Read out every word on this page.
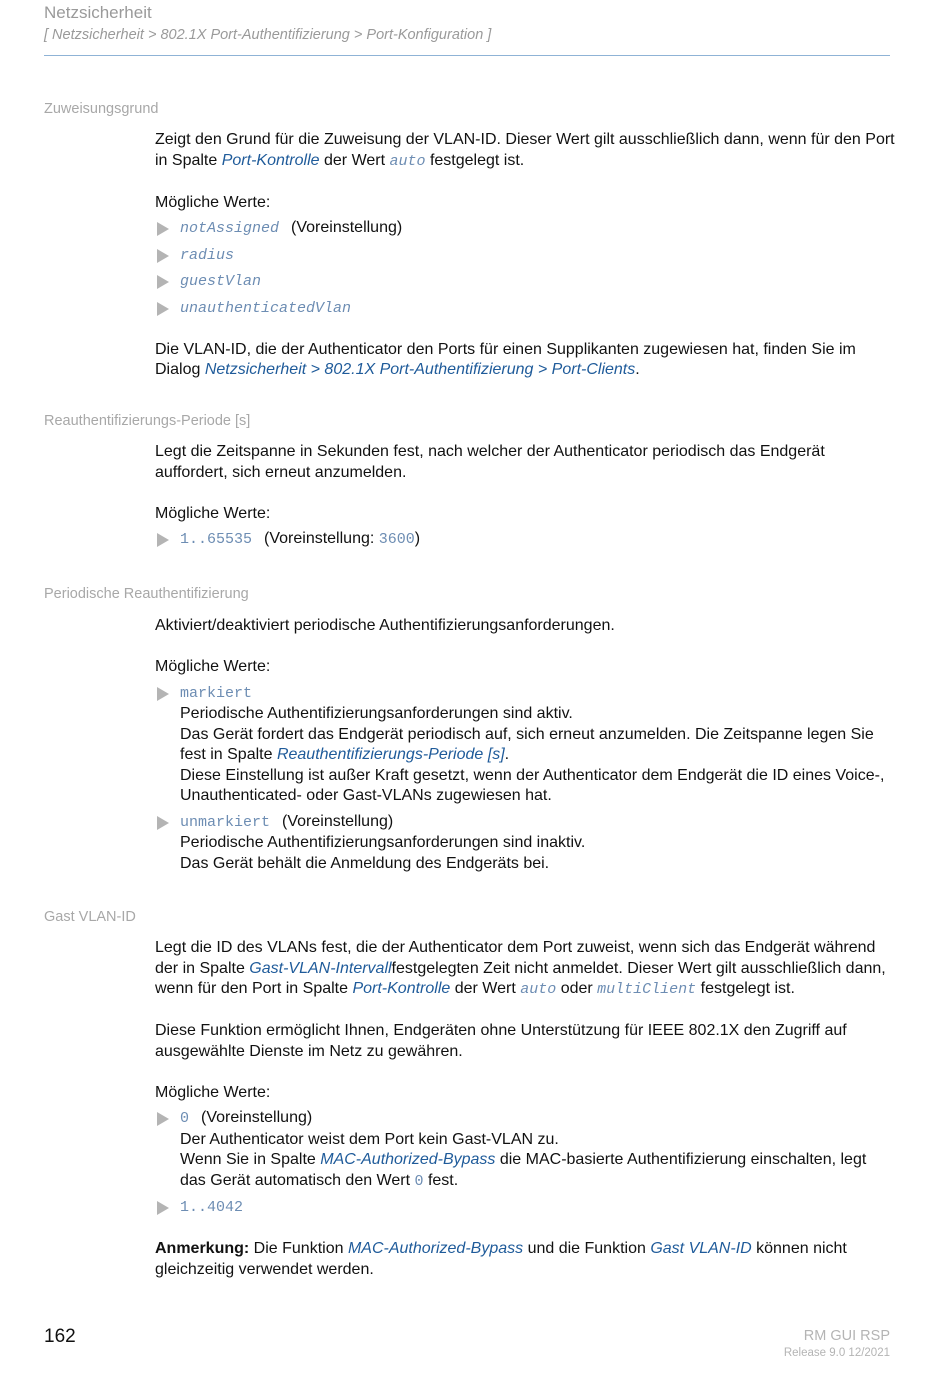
Netzsicherheit
[ Netzsicherheit > 802.1X Port-Authentifizierung > Port-Konfiguration ]
Zuweisungsgrund

Zeigt den Grund für die Zuweisung der VLAN-ID. Dieser Wert gilt ausschließlich dann, wenn für den Port in Spalte Port-Kontrolle der Wert auto festgelegt ist.

Mögliche Werte:

notAssigned (Voreinstellung)
radius
guestVlan
unauthenticatedVlan

Die VLAN-ID, die der Authenticator den Ports für einen Supplikanten zugewiesen hat, finden Sie im Dialog Netzsicherheit > 802.1X Port-Authentifizierung > Port-Clients.

Reauthentifizierungs-Periode [s]

Legt die Zeitspanne in Sekunden fest, nach welcher der Authenticator periodisch das Endgerät auffordert, sich erneut anzumelden.

Mögliche Werte:

1..65535 (Voreinstellung: 3600)
Periodische Reauthentifizierung

Aktiviert/deaktiviert periodische Authentifizierungsanforderungen.

Mögliche Werte:

markiert
Periodische Authentifizierungsanforderungen sind aktiv.
Das Gerät fordert das Endgerät periodisch auf, sich erneut anzumelden. Die Zeitspanne legen Sie fest in Spalte Reauthentifizierungs-Periode [s].
Diese Einstellung ist außer Kraft gesetzt, wenn der Authenticator dem Endgerät die ID eines Voice-, Unauthenticated- oder Gast-VLANs zugewiesen hat.
unmarkiert (Voreinstellung)
Periodische Authentifizierungsanforderungen sind inaktiv.
Das Gerät behält die Anmeldung des Endgeräts bei.
Gast VLAN-ID

Legt die ID des VLANs fest, die der Authenticator dem Port zuweist, wenn sich das Endgerät während der in Spalte Gast-VLAN-Intervallfestgelegten Zeit nicht anmeldet. Dieser Wert gilt ausschließlich dann, wenn für den Port in Spalte Port-Kontrolle der Wert auto oder multiClient festgelegt ist.

Diese Funktion ermöglicht Ihnen, Endgeräten ohne Unterstützung für IEEE 802.1X den Zugriff auf ausgewählte Dienste im Netz zu gewähren.

Mögliche Werte:

0 (Voreinstellung)
Der Authenticator weist dem Port kein Gast-VLAN zu.
Wenn Sie in Spalte MAC-Authorized-Bypass die MAC-basierte Authentifizierung einschalten, legt das Gerät automatisch den Wert 0 fest.
1..4042

Anmerkung: Die Funktion MAC-Authorized-Bypass und die Funktion Gast VLAN-ID können nicht gleichzeitig verwendet werden.

162	RM GUI RSP
Release 9.0 12/2021
